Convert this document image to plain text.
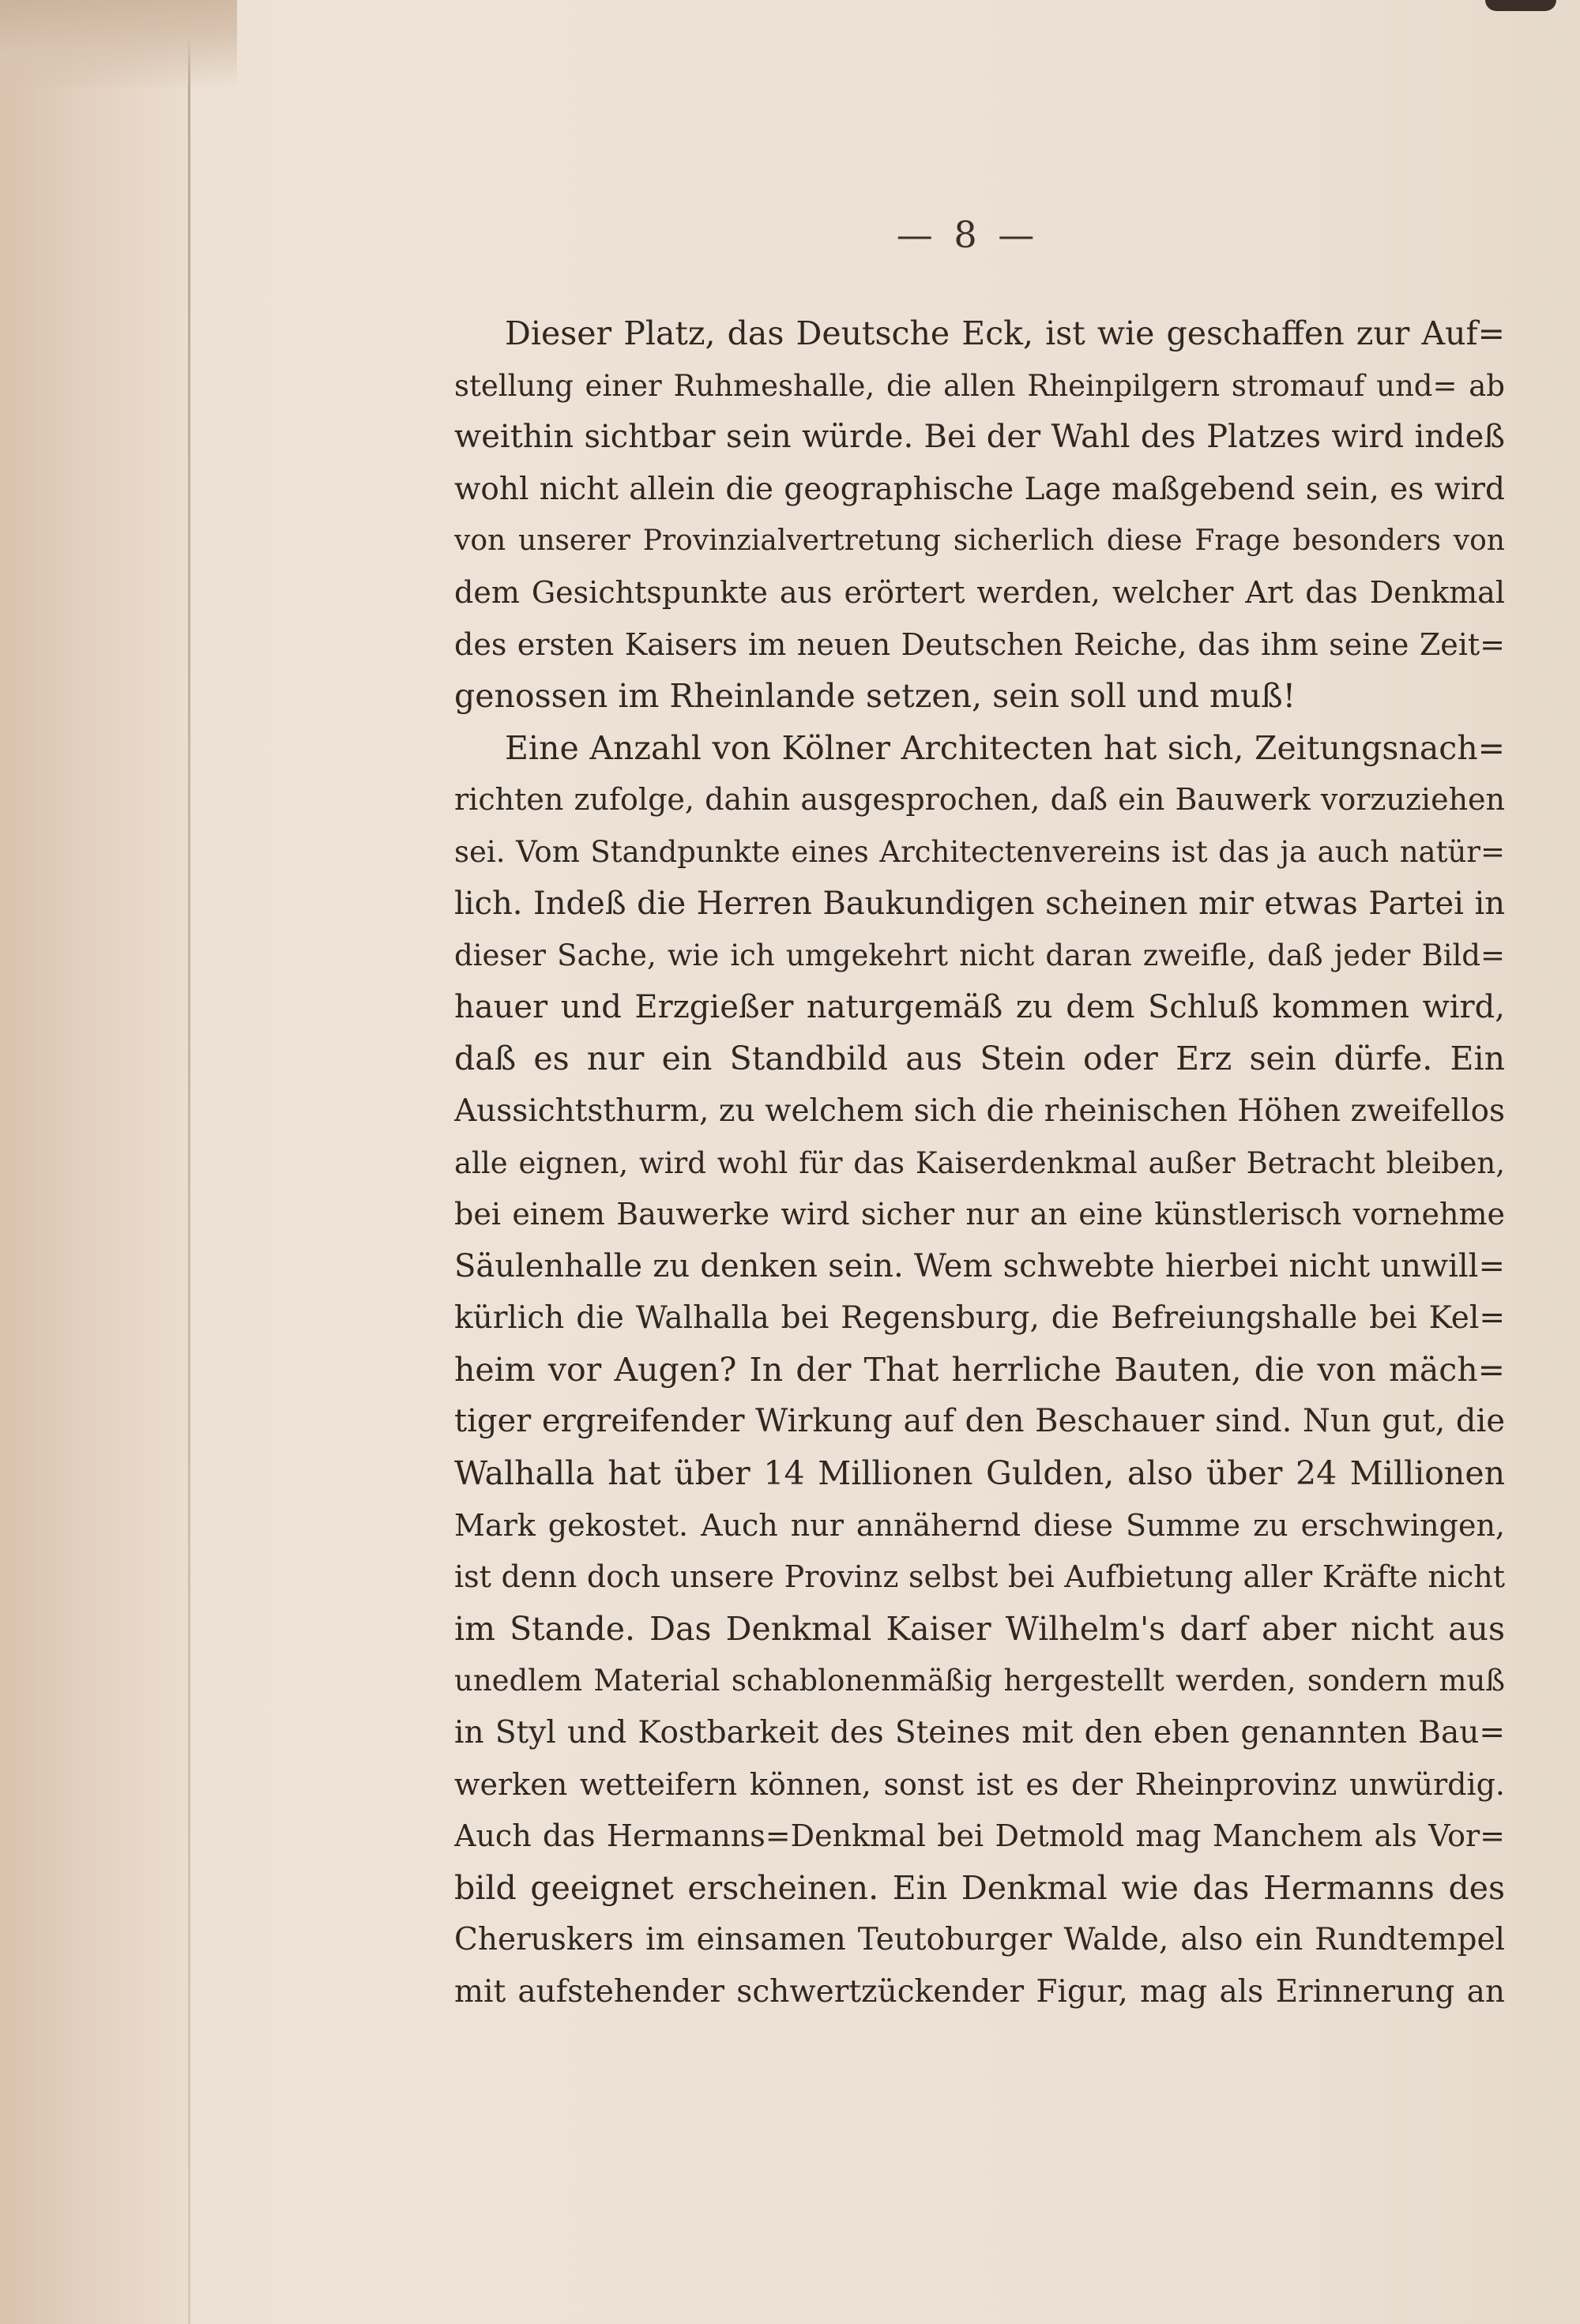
— 8 —
Dieser Platz, das Deutsche Eck, ist wie geschaffen zur Auf=
stellung einer Ruhmeshalle, die allen Rheinpilgern stromauf und= ab
weithin sichtbar sein würde. Bei der Wahl des Platzes wird indeß
wohl nicht allein die geographische Lage maßgebend sein, es wird
von unserer Provinzialvertretung sicherlich diese Frage besonders von
dem Gesichtspunkte aus erörtert werden, welcher Art das Denkmal
des ersten Kaisers im neuen Deutschen Reiche, das ihm seine Zeit=
genossen im Rheinlande setzen, sein soll und muß!
Eine Anzahl von Kölner Architecten hat sich, Zeitungsnach=
richten zufolge, dahin ausgesprochen, daß ein Bauwerk vorzuziehen
sei. Vom Standpunkte eines Architectenvereins ist das ja auch natür=
lich. Indeß die Herren Baukundigen scheinen mir etwas Partei in
dieser Sache, wie ich umgekehrt nicht daran zweifle, daß jeder Bild=
hauer und Erzgießer naturgemäß zu dem Schluß kommen wird,
daß es nur ein Standbild aus Stein oder Erz sein dürfe. Ein
Aussichtsthurm, zu welchem sich die rheinischen Höhen zweifellos
alle eignen, wird wohl für das Kaiserdenkmal außer Betracht bleiben,
bei einem Bauwerke wird sicher nur an eine künstlerisch vornehme
Säulenhalle zu denken sein. Wem schwebte hierbei nicht unwill=
kürlich die Walhalla bei Regensburg, die Befreiungshalle bei Kel=
heim vor Augen? In der That herrliche Bauten, die von mäch=
tiger ergreifender Wirkung auf den Beschauer sind. Nun gut, die
Walhalla hat über 14 Millionen Gulden, also über 24 Millionen
Mark gekostet. Auch nur annähernd diese Summe zu erschwingen,
ist denn doch unsere Provinz selbst bei Aufbietung aller Kräfte nicht
im Stande. Das Denkmal Kaiser Wilhelm's darf aber nicht aus
unedlem Material schablonenmäßig hergestellt werden, sondern muß
in Styl und Kostbarkeit des Steines mit den eben genannten Bau=
werken wetteifern können, sonst ist es der Rheinprovinz unwürdig.
Auch das Hermanns=Denkmal bei Detmold mag Manchem als Vor=
bild geeignet erscheinen. Ein Denkmal wie das Hermanns des
Cheruskers im einsamen Teutoburger Walde, also ein Rundtempel
mit aufstehender schwertzückender Figur, mag als Erinnerung an
